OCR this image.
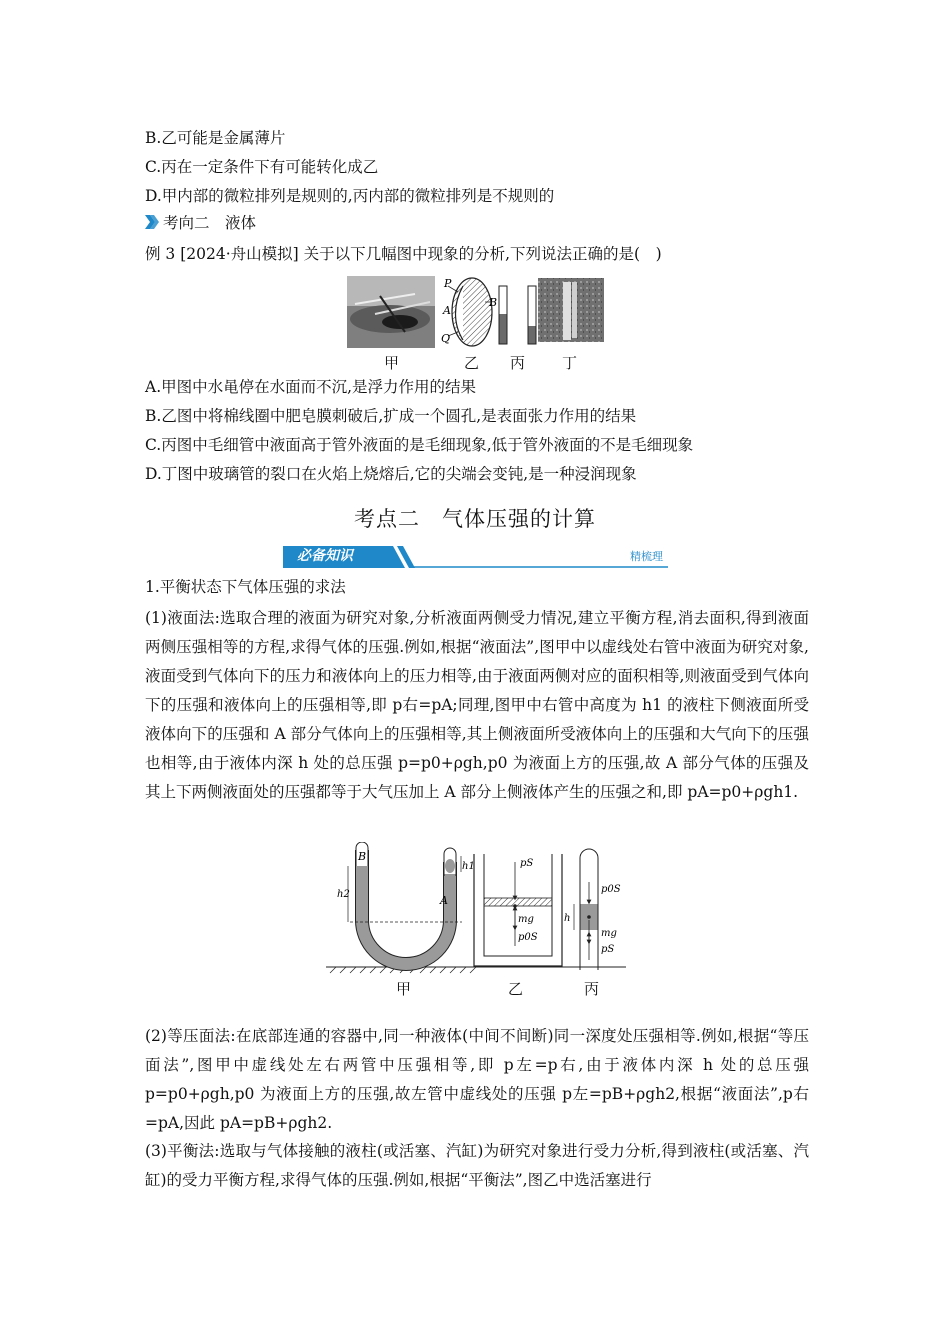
B.乙可能是金属薄片
C.丙在一定条件下有可能转化成乙
D.甲内部的微粒排列是规则的,丙内部的微粒排列是不规则的
考向二　液体
例 3 [2024·舟山模拟] 关于以下几幅图中现象的分析,下列说法正确的是(　)
P
A
B
Q
甲	乙 丙 丁
A.甲图中水黾停在水面而不沉,是浮力作用的结果
B.乙图中将棉线圈中肥皂膜刺破后,扩成一个圆孔,是表面张力作用的结果
C.丙图中毛细管中液面高于管外液面的是毛细现象,低于管外液面的不是毛细现象
D.丁图中玻璃管的裂口在火焰上烧熔后,它的尖端会变钝,是一种浸润现象
考点二　气体压强的计算
必备知识	精梳理
1.平衡状态下气体压强的求法
(1)液面法:选取合理的液面为研究对象,分析液面两侧受力情况,建立平衡方程,消去面积,得到液面两侧压强相等的方程,求得气体的压强.例如,根据“液面法”,图甲中以虚线处右管中液面为研究对象,液面受到气体向下的压力和液体向上的压力相等,由于液面两侧对应的面积相等,则液面受到气体向下的压强和液体向上的压强相等,即 p右=pA;同理,图甲中右管中高度为 h1 的液柱下侧液面所受液体向下的压强和 A 部分气体向上的压强相等,其上侧液面所受液体向上的压强和大气向下的压强也相等,由于液体内深 h 处的总压强 p=p0+ρgh,p0 为液面上方的压强,故 A 部分气体的压强及其上下两侧液面处的压强都等于大气压加上 A 部分上侧液体产生的压强之和,即 pA=p0+ρgh1.
B
A
h2
h1	pS
mg
p0S
p0S
h
mg
pS
甲	乙	丙
(2)等压面法:在底部连通的容器中,同一种液体(中间不间断)同一深度处压强相等.例如,根据“等压面法”,图甲中虚线处左右两管中压强相等,即 p左=p右,由于液体内深 h 处的总压强 p=p0+ρgh,p0 为液面上方的压强,故左管中虚线处的压强 p左=pB+ρgh2,根据“液面法”,p右=pA,因此 pA=pB+ρgh2.
(3)平衡法:选取与气体接触的液柱(或活塞、汽缸)为研究对象进行受力分析,得到液柱(或活塞、汽缸)的受力平衡方程,求得气体的压强.例如,根据“平衡法”,图乙中选活塞进行
